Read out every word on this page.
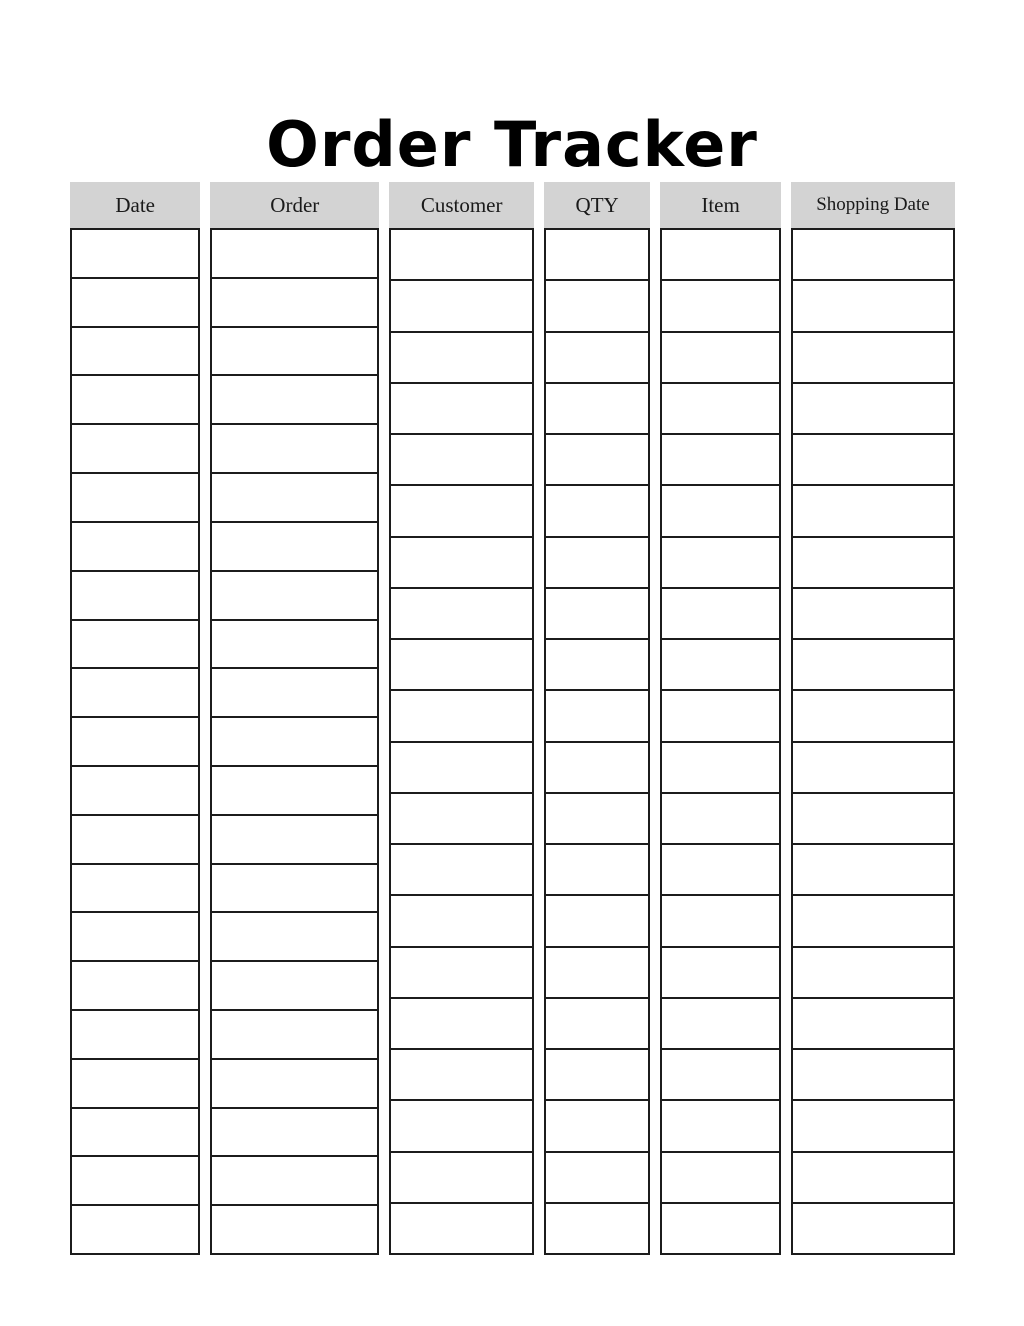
Order Tracker
Date	Order	Customer	QTY	Item	Shopping Date
